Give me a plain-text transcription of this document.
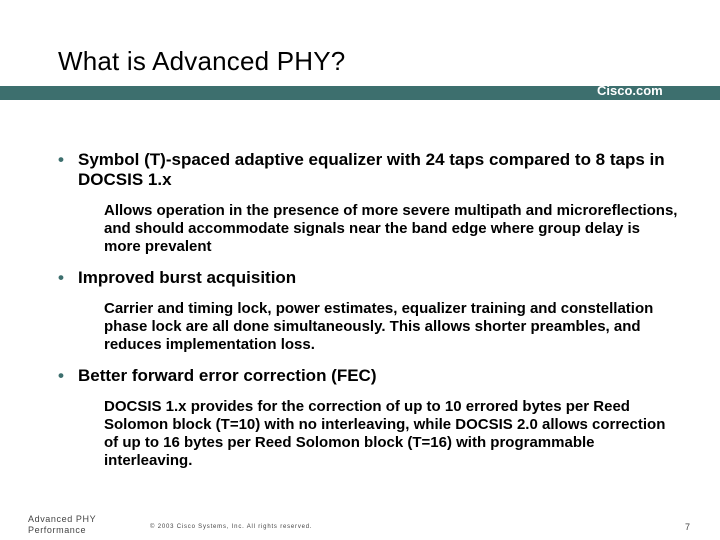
What is Advanced PHY?
Cisco.com
• Symbol (T)-spaced adaptive equalizer with 24 taps compared to 8 taps in DOCSIS 1.x
Allows operation in the presence of more severe multipath and microreflections, and should accommodate signals near the band edge where group delay is more prevalent
• Improved burst acquisition
Carrier and timing lock, power estimates, equalizer training and constellation phase lock are all done simultaneously. This allows shorter preambles, and reduces implementation loss.
• Better forward error correction (FEC)
DOCSIS 1.x provides for the correction of up to 10 errored bytes per Reed Solomon block (T=10) with no interleaving, while DOCSIS 2.0 allows correction of up to 16 bytes per Reed Solomon block (T=16) with programmable interleaving.
Advanced PHY
Performance	© 2003 Cisco Systems, Inc. All rights reserved.	7
